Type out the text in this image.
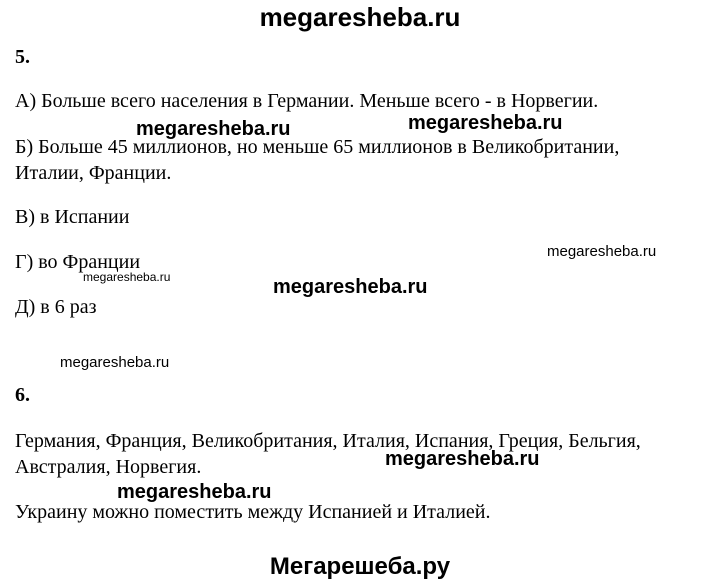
megaresheba.ru
5.
А) Больше всего населения в Германии. Меньше всего - в Норвегии.
Б) Больше 45 миллионов, но меньше 65 миллионов в Великобритании,
Италии, Франции.
В) в Испании
Г) во Франции
Д) в 6 раз
6.
Германия, Франция, Великобритания, Италия, Испания, Греция, Бельгия,
Австралия, Норвегия.
Украину можно поместить между Испанией и Италией.
megaresheba.ru	megaresheba.ru
megaresheba.ru
megaresheba.ru	megaresheba.ru
megaresheba.ru
megaresheba.ru
megaresheba.ru
Мегарешеба.ру
